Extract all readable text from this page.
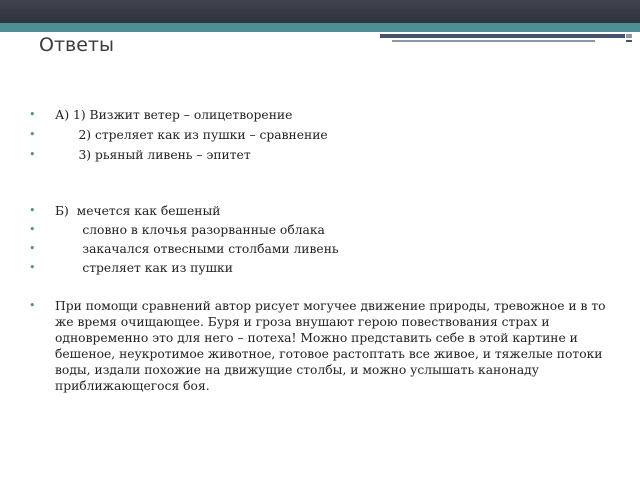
Ответы
• А) 1) Визжит ветер – олицетворение
• 2) стреляет как из пушки – сравнение
• 3) рьяный ливень – эпитет
• Б)  мечется как бешеный
• словно в клочья разорванные облака
• закачался отвесными столбами ливень
• стреляет как из пушки
• При помощи сравнений автор рисует могучее движение природы, тревожное и в то же время очищающее. Буря и гроза внушают герою повествования страх и одновременно это для него – потеха! Можно представить себе в этой картине и бешеное, неукротимое животное, готовое растоптать все живое, и тяжелые потоки воды, издали похожие на движущие столбы, и можно услышать канонаду приближающегося боя.
